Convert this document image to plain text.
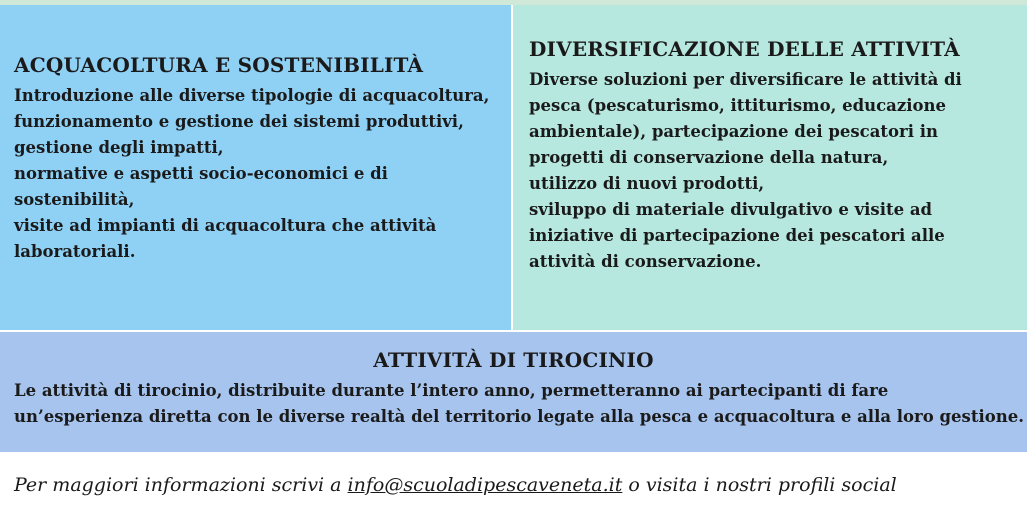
ACQUACOLTURA E SOSTENIBILITÀ
Introduzione alle diverse tipologie di acquacoltura,
funzionamento e gestione dei sistemi produttivi,
gestione degli impatti,
normative e aspetti socio-economici e di
sostenibilità,
visite ad impianti di acquacoltura che attività
laboratoriali.
DIVERSIFICAZIONE DELLE ATTIVITÀ
Diverse soluzioni per diversificare le attività di
pesca (pescaturismo, ittiturismo, educazione
ambientale), partecipazione dei pescatori in
progetti di conservazione della natura,
utilizzo di nuovi prodotti,
sviluppo di materiale divulgativo e visite ad
iniziative di partecipazione dei pescatori alle
attività di conservazione.
ATTIVITÀ DI TIROCINIO
Le attività di tirocinio, distribuite durante l’intero anno, permetteranno ai partecipanti di fare
un’esperienza diretta con le diverse realtà del territorio legate alla pesca e acquacoltura e alla loro gestione.
Per maggiori informazioni scrivi a info@scuoladipescaveneta.it o visita i nostri profili social
